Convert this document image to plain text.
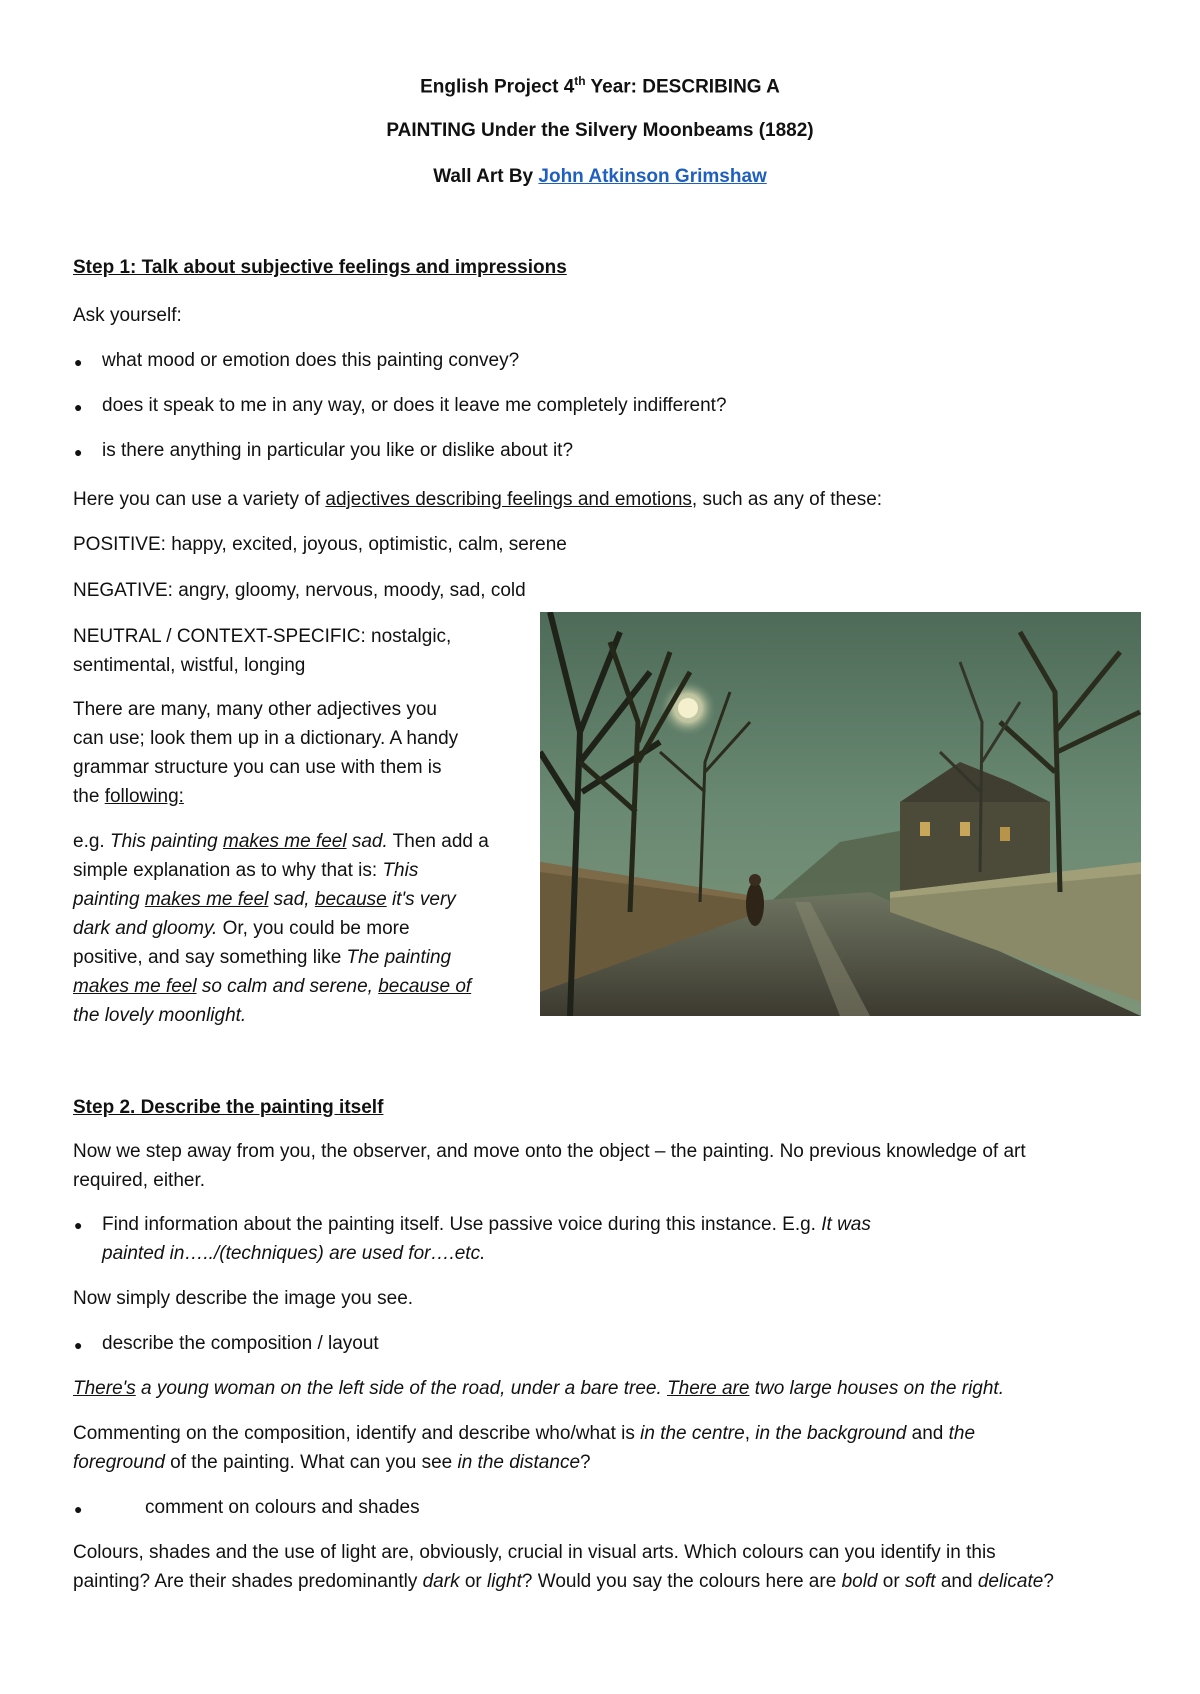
English Project 4th Year: DESCRIBING A
PAINTING Under the Silvery Moonbeams (1882)
Wall Art By John Atkinson Grimshaw
Step 1: Talk about subjective feelings and impressions
Ask yourself:
● what mood or emotion does this painting convey?
● does it speak to me in any way, or does it leave me completely indifferent?
● is there anything in particular you like or dislike about it?
Here you can use a variety of adjectives describing feelings and emotions, such as any of these:
POSITIVE: happy, excited, joyous, optimistic, calm, serene
NEGATIVE: angry, gloomy, nervous, moody, sad, cold
NEUTRAL / CONTEXT-SPECIFIC: nostalgic,
sentimental, wistful, longing
There are many, many other adjectives you
can use; look them up in a dictionary. A handy
grammar structure you can use with them is
the following:
e.g. This painting makes me feel sad. Then add a
simple explanation as to why that is: This
painting makes me feel sad, because it's very
dark and gloomy. Or, you could be more
positive, and say something like The painting
makes me feel so calm and serene, because of
the lovely moonlight.
Step 2. Describe the painting itself
Now we step away from you, the observer, and move onto the object – the painting. No previous knowledge of art
required, either.
● Find information about the painting itself. Use passive voice during this instance. E.g. It was
painted in…../(techniques) are used for….etc.
Now simply describe the image you see.
● describe the composition / layout
There's a young woman on the left side of the road, under a bare tree. There are two large houses on the right.
Commenting on the composition, identify and describe who/what is in the centre, in the background and the
foreground of the painting. What can you see in the distance?
●	comment on colours and shades
Colours, shades and the use of light are, obviously, crucial in visual arts. Which colours can you identify in this
painting? Are their shades predominantly dark or light? Would you say the colours here are bold or soft and delicate?
